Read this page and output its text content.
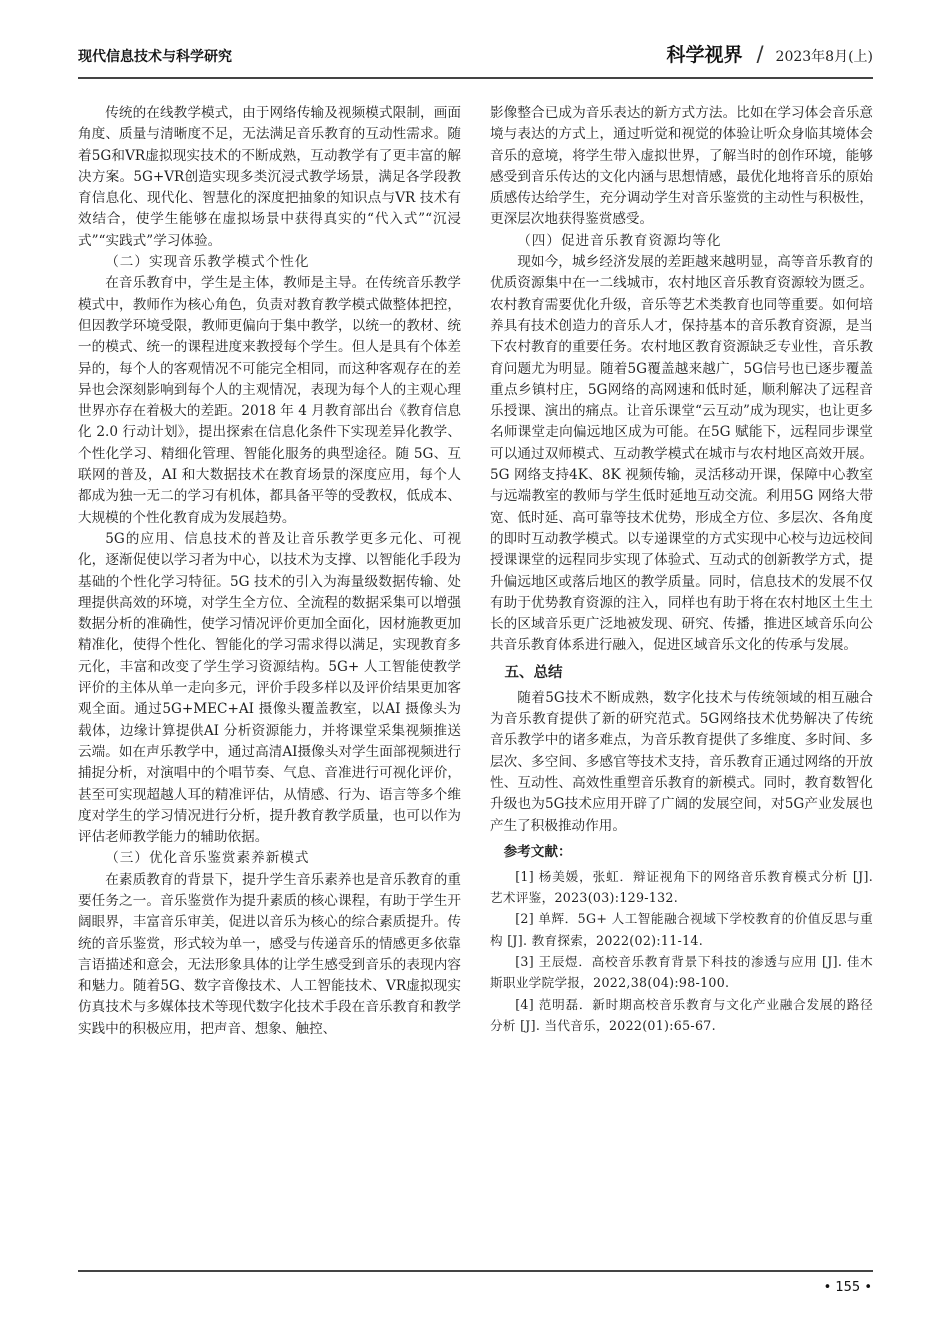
现代信息技术与科学研究	科学视界 / 2023年8月(上)

传统的在线教学模式，由于网络传输及视频模式限制，画面角度、质量与清晰度不足，无法满足音乐教育的互动性需求。随着5G和VR虚拟现实技术的不断成熟，互动教学有了更丰富的解决方案。5G+VR创造实现多类沉浸式教学场景，满足各学段教育信息化、现代化、智慧化的深度把抽象的知识点与VR 技术有效结合，使学生能够在虚拟场景中获得真实的“代入式”“沉浸式”“实践式”学习体验。

（二）实现音乐教学模式个性化

在音乐教育中，学生是主体，教师是主导。在传统音乐教学模式中，教师作为核心角色，负责对教育教学模式做整体把控，但因教学环境受限，教师更偏向于集中教学，以统一的教材、统一的模式、统一的课程进度来教授每个学生。但人是具有个体差异的，每个人的客观情况不可能完全相同，而这种客观存在的差异也会深刻影响到每个人的主观情况，表现为每个人的主观心理世界亦存在着极大的差距。2018 年 4 月教育部出台《教育信息化 2.0 行动计划》，提出探索在信息化条件下实现差异化教学、个性化学习、精细化管理、智能化服务的典型途径。随 5G、互联网的普及，AI 和大数据技术在教育场景的深度应用，每个人都成为独一无二的学习有机体，都具备平等的受教权，低成本、大规模的个性化教育成为发展趋势。

5G的应用、信息技术的普及让音乐教学更多元化、可视化，逐渐促使以学习者为中心，以技术为支撑、以智能化手段为基础的个性化学习特征。5G 技术的引入为海量级数据传输、处理提供高效的环境，对学生全方位、全流程的数据采集可以增强数据分析的准确性，使学习情况评价更加全面化，因材施教更加精准化，使得个性化、智能化的学习需求得以满足，实现教育多元化，丰富和改变了学生学习资源结构。5G+ 人工智能使教学评价的主体从单一走向多元，评价手段多样以及评价结果更加客观全面。通过5G+MEC+AI 摄像头覆盖教室，以AI 摄像头为载体，边缘计算提供AI 分析资源能力，并将课堂采集视频推送云端。如在声乐教学中，通过高清AI摄像头对学生面部视频进行捕捉分析，对演唱中的个唱节奏、气息、音准进行可视化评价，甚至可实现超越人耳的精准评估，从情感、行为、语言等多个维度对学生的学习情况进行分析，提升教育教学质量，也可以作为评估老师教学能力的辅助依据。

（三）优化音乐鉴赏素养新模式

在素质教育的背景下，提升学生音乐素养也是音乐教育的重要任务之一。音乐鉴赏作为提升素质的核心课程，有助于学生开阔眼界，丰富音乐审美，促进以音乐为核心的综合素质提升。传统的音乐鉴赏，形式较为单一，感受与传递音乐的情感更多依靠言语描述和意会，无法形象具体的让学生感受到音乐的表现内容和魅力。随着5G、数字音像技术、人工智能技术、VR虚拟现实仿真技术与多媒体技术等现代数字化技术手段在音乐教育和教学实践中的积极应用，把声音、想象、触控、

影像整合已成为音乐表达的新方式方法。比如在学习体会音乐意境与表达的方式上，通过听觉和视觉的体验让听众身临其境体会音乐的意境，将学生带入虚拟世界，了解当时的创作环境，能够感受到音乐传达的文化内涵与思想情感，最优化地将音乐的原始质感传达给学生，充分调动学生对音乐鉴赏的主动性与积极性，更深层次地获得鉴赏感受。

（四）促进音乐教育资源均等化

现如今，城乡经济发展的差距越来越明显，高等音乐教育的优质资源集中在一二线城市，农村地区音乐教育资源较为匮乏。农村教育需要优化升级，音乐等艺术类教育也同等重要。如何培养具有技术创造力的音乐人才，保持基本的音乐教育资源，是当下农村教育的重要任务。农村地区教育资源缺乏专业性，音乐教育问题尤为明显。随着5G覆盖越来越广，5G信号也已逐步覆盖重点乡镇村庄，5G网络的高网速和低时延，顺利解决了远程音乐授课、演出的痛点。让音乐课堂“云互动”成为现实，也让更多名师课堂走向偏远地区成为可能。在5G 赋能下，远程同步课堂可以通过双师模式、互动教学模式在城市与农村地区高效开展。5G 网络支持4K、8K 视频传输，灵活移动开课，保障中心教室与远端教室的教师与学生低时延地互动交流。利用5G 网络大带宽、低时延、高可靠等技术优势，形成全方位、多层次、各角度的即时互动教学模式。以专递课堂的方式实现中心校与边远校间授课课堂的远程同步实现了体验式、互动式的创新教学方式，提升偏远地区或落后地区的教学质量。同时，信息技术的发展不仅有助于优势教育资源的注入，同样也有助于将在农村地区土生土长的区域音乐更广泛地被发现、研究、传播，推进区域音乐向公共音乐教育体系进行融入，促进区域音乐文化的传承与发展。

五、总结

随着5G技术不断成熟，数字化技术与传统领域的相互融合为音乐教育提供了新的研究范式。5G网络技术优势解决了传统音乐教学中的诸多难点，为音乐教育提供了多维度、多时间、多层次、多空间、多感官等技术支持，音乐教育正通过网络的开放性、互动性、高效性重塑音乐教育的新模式。同时，教育数智化升级也为5G技术应用开辟了广阔的发展空间，对5G产业发展也产生了积极推动作用。

参考文献：

[1] 杨美媛，张虹．辩证视角下的网络音乐教育模式分析 [J]. 艺术评鉴，2023(03):129-132.

[2] 单辉．5G+ 人工智能融合视域下学校教育的价值反思与重构 [J]. 教育探索，2022(02):11-14.

[3] 王辰煜．高校音乐教育背景下科技的渗透与应用 [J]. 佳木斯职业学院学报，2022,38(04):98-100.

[4] 范明磊．新时期高校音乐教育与文化产业融合发展的路径分析 [J]. 当代音乐，2022(01):65-67.

• 155 •
